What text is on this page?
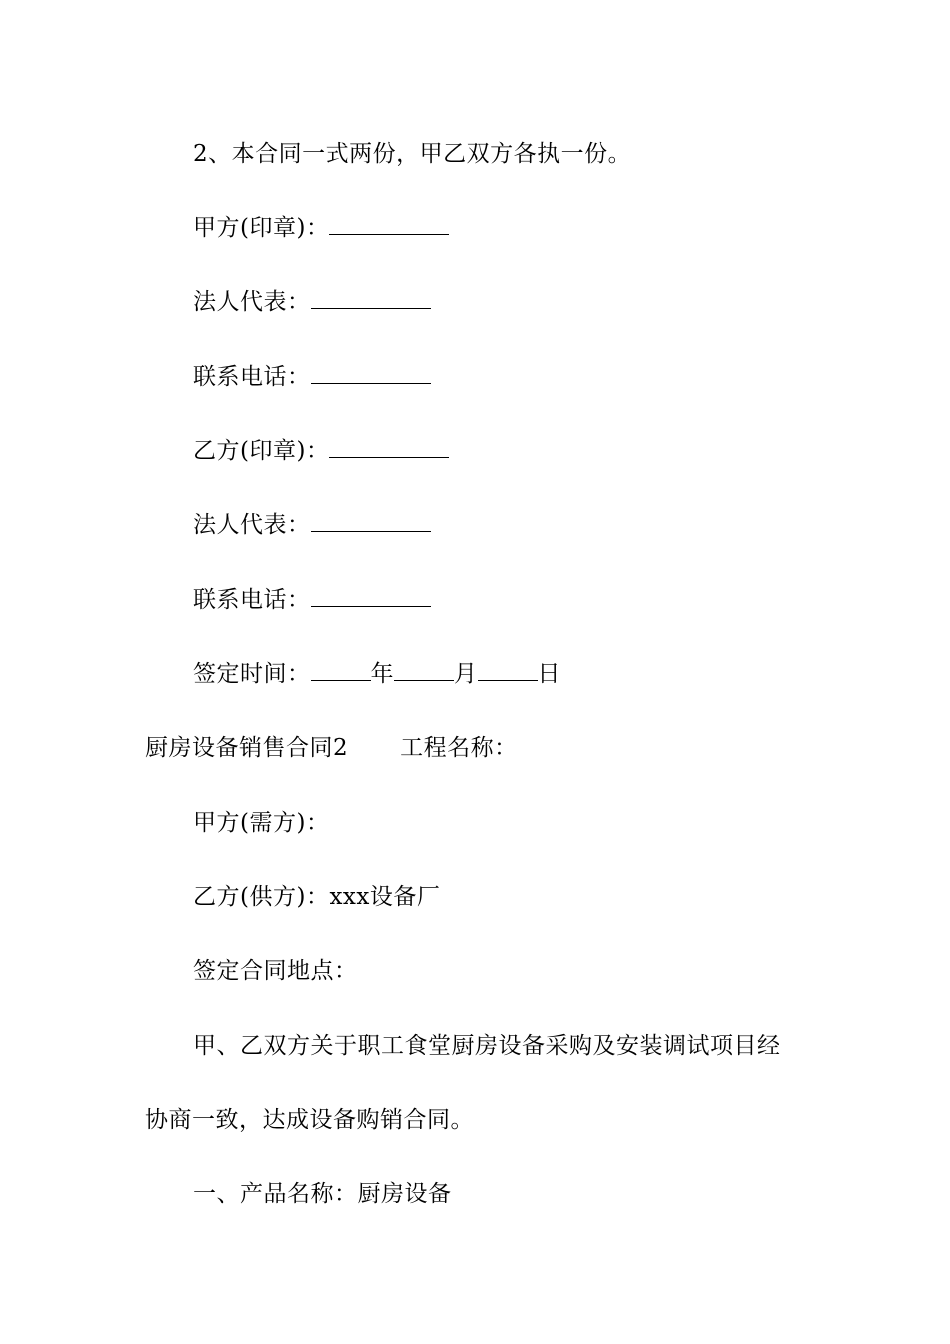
2、本合同一式两份，甲乙双方各执一份。
甲方(印章)：
法人代表：
联系电话：
乙方(印章)：
法人代表：
联系电话：
签定时间：	年	月	日
厨房设备销售合同2 工程名称：
甲方(需方)：
乙方(供方)：xxx设备厂
签定合同地点：
甲、乙双方关于职工食堂厨房设备采购及安装调试项目经
协商一致，达成设备购销合同。
一、产品名称：厨房设备
